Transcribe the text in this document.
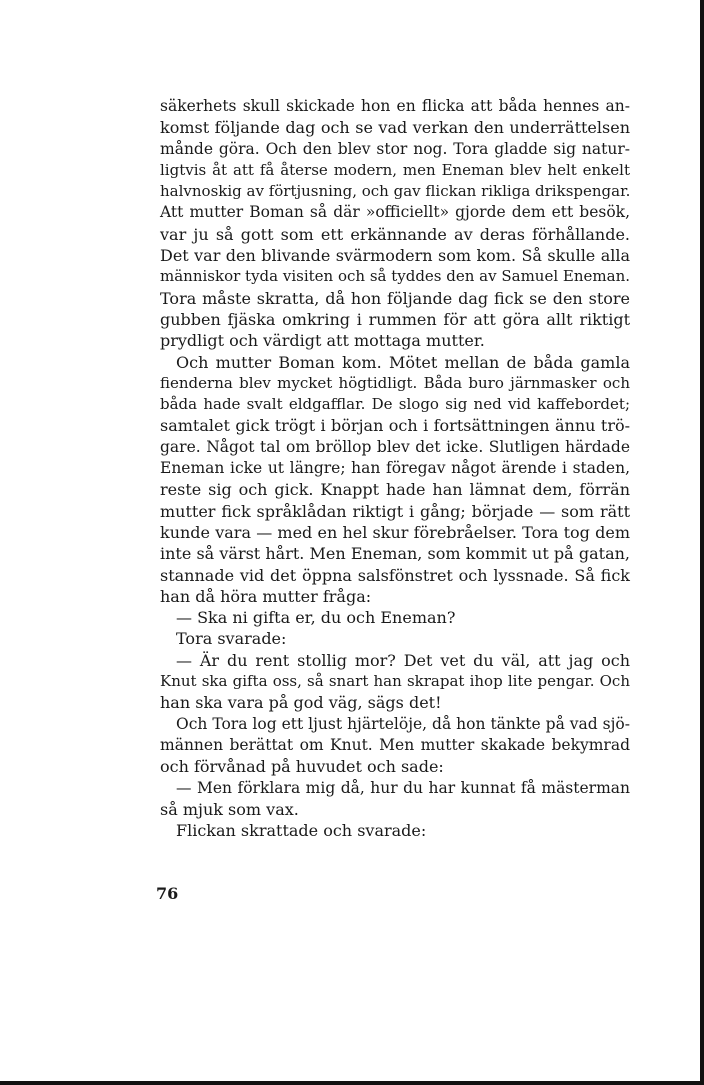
säkerhets skull skickade hon en flicka att båda hennes an-
komst följande dag och se vad verkan den underrättelsen
månde göra. Och den blev stor nog. Tora gladde sig natur-
ligtvis åt att få återse modern, men Eneman blev helt enkelt
halvnoskig av förtjusning, och gav flickan rikliga drikspengar.
Att mutter Boman så där »officiellt» gjorde dem ett besök,
var ju så gott som ett erkännande av deras förhållande.
Det var den blivande svärmodern som kom. Så skulle alla
människor tyda visiten och så tyddes den av Samuel Eneman.
Tora måste skratta, då hon följande dag fick se den store
gubben fjäska omkring i rummen för att göra allt riktigt
prydligt och värdigt att mottaga mutter.

Och mutter Boman kom. Mötet mellan de båda gamla
fienderna blev mycket högtidligt. Båda buro järnmasker och
båda hade svalt eldgafflar. De slogo sig ned vid kaffebordet;
samtalet gick trögt i början och i fortsättningen ännu trö-
gare. Något tal om bröllop blev det icke. Slutligen härdade
Eneman icke ut längre; han föregav något ärende i staden,
reste sig och gick. Knappt hade han lämnat dem, förrän
mutter fick språklådan riktigt i gång; började — som rätt
kunde vara — med en hel skur förebråelser. Tora tog dem
inte så värst hårt. Men Eneman, som kommit ut på gatan,
stannade vid det öppna salsfönstret och lyssnade. Så fick
han då höra mutter fråga:

— Ska ni gifta er, du och Eneman?

Tora svarade:

— Är du rent stollig mor? Det vet du väl, att jag och
Knut ska gifta oss, så snart han skrapat ihop lite pengar. Och
han ska vara på god väg, sägs det!

Och Tora log ett ljust hjärtelöje, då hon tänkte på vad sjö-
männen berättat om Knut. Men mutter skakade bekymrad
och förvånad på huvudet och sade:

— Men förklara mig då, hur du har kunnat få mästerman
så mjuk som vax.

Flickan skrattade och svarade:

76
